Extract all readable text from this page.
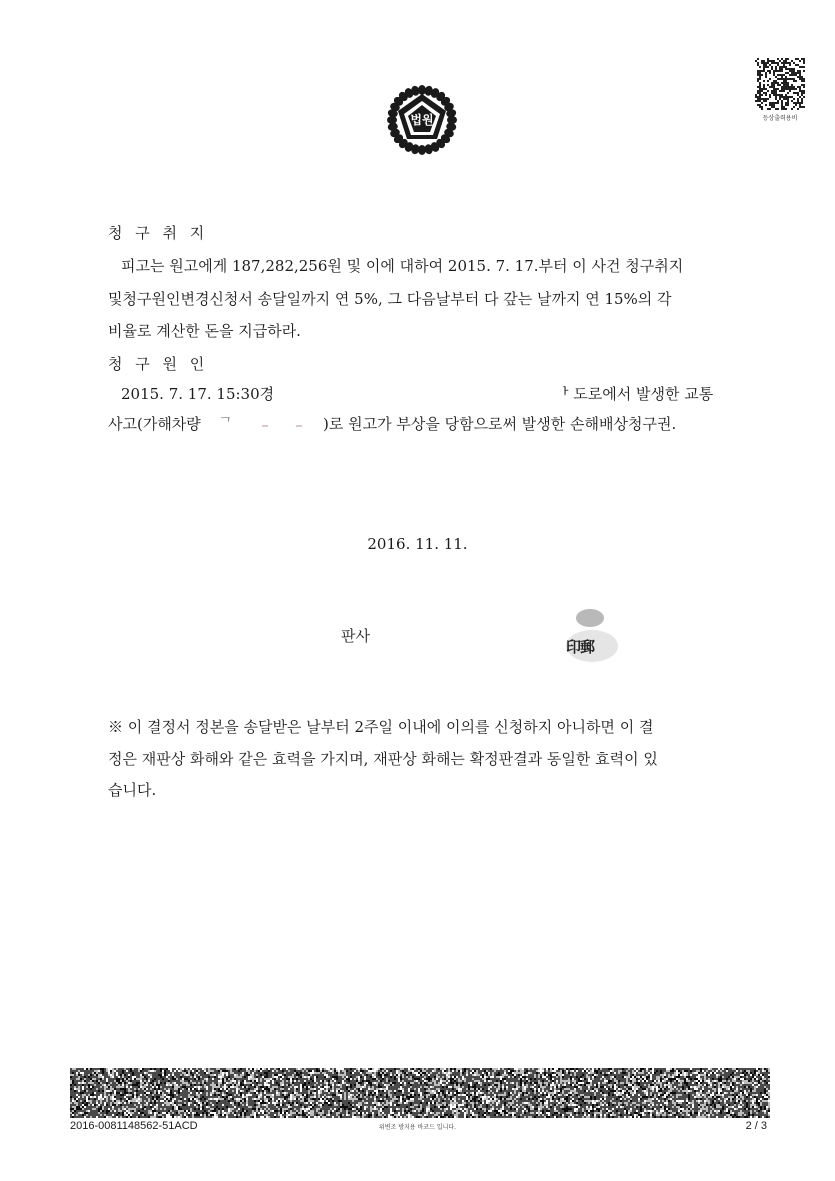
법원	등상출력용비
청 구 취 지
피고는 원고에게 187,282,256원 및 이에 대하여 2015. 7. 17.부터 이 사건 청구취지
및청구원인변경신청서 송달일까지 연 5%, 그 다음날부터 다 갚는 날까지 연 15%의 각
비율로 계산한 돈을 지급하라.
청 구 원 인
2015. 7. 17. 15:30경	ᅡ 도로에서 발생한 교통
사고(가해차량 ᄀ	)로 원고가 부상을 당함으로써 발생한 손해배상청구권.
2016. 11. 11.
판사
印郵
※ 이 결정서 정본을 송달받은 날부터 2주일 이내에 이의를 신청하지 아니하면 이 결
정은 재판상 화해와 같은 효력을 가지며, 재판상 화해는 확정판결과 동일한 효력이 있
습니다.
2016-0081148562-51ACD	위변조 방지용 바코드 입니다.	2 / 3
